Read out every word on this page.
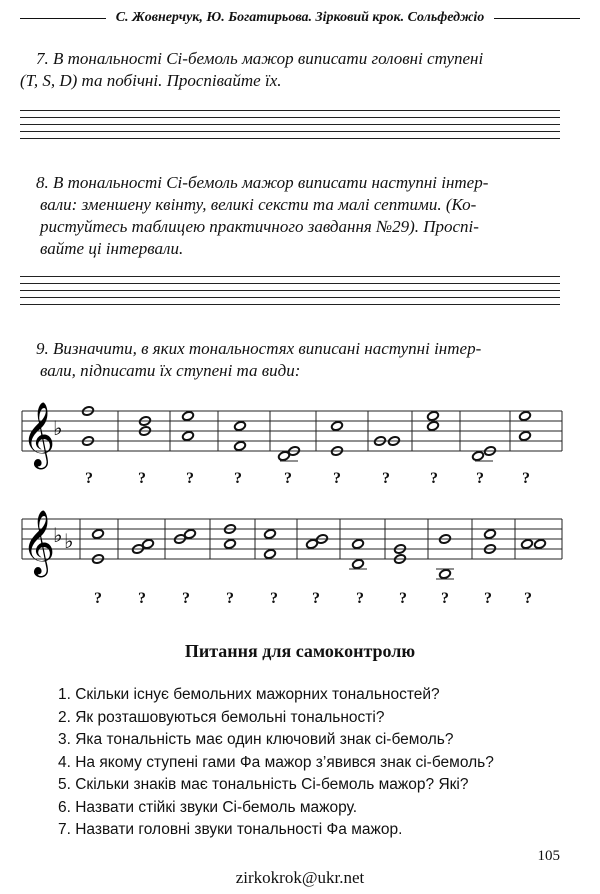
С. Жовнерчук, Ю. Богатирьова. Зірковий крок. Сольфеджіо
7. В тональності Сі-бемоль мажор виписати головні ступені
(T, S, D) та побічні. Проспівайте їх.
8. В тональності Сі-бемоль мажор виписати наступні інтер-
вали: зменшену квінту, великі сексти та малі септими. (Ко-
ристуйтесь таблицею практичного завдання №29). Проспі-
вайте ці інтервали.
9. Визначити, в яких тональностях виписані наступні інтер-
вали, підписати їх ступені та види:
𝄞
♭
?	?	?	?	?	?	?	? ? ?
𝄞
♭ ♭
? ? ? ? ? ? ? ? ? ? ?
Питання для самоконтролю
1. Скільки існує бемольних мажорних тональностей?
2. Як розташовуються бемольні тональності?
3. Яка тональність має один ключовий знак сі-бемоль?
4. На якому ступені гами Фа мажор з’явився знак сі-бемоль?
5. Скільки знаків має тональність Сі-бемоль мажор? Які?
6. Назвати стійкі звуки Сі-бемоль мажору.
7. Назвати головні звуки тональності Фа мажор.
105
zirkokrok@ukr.net
